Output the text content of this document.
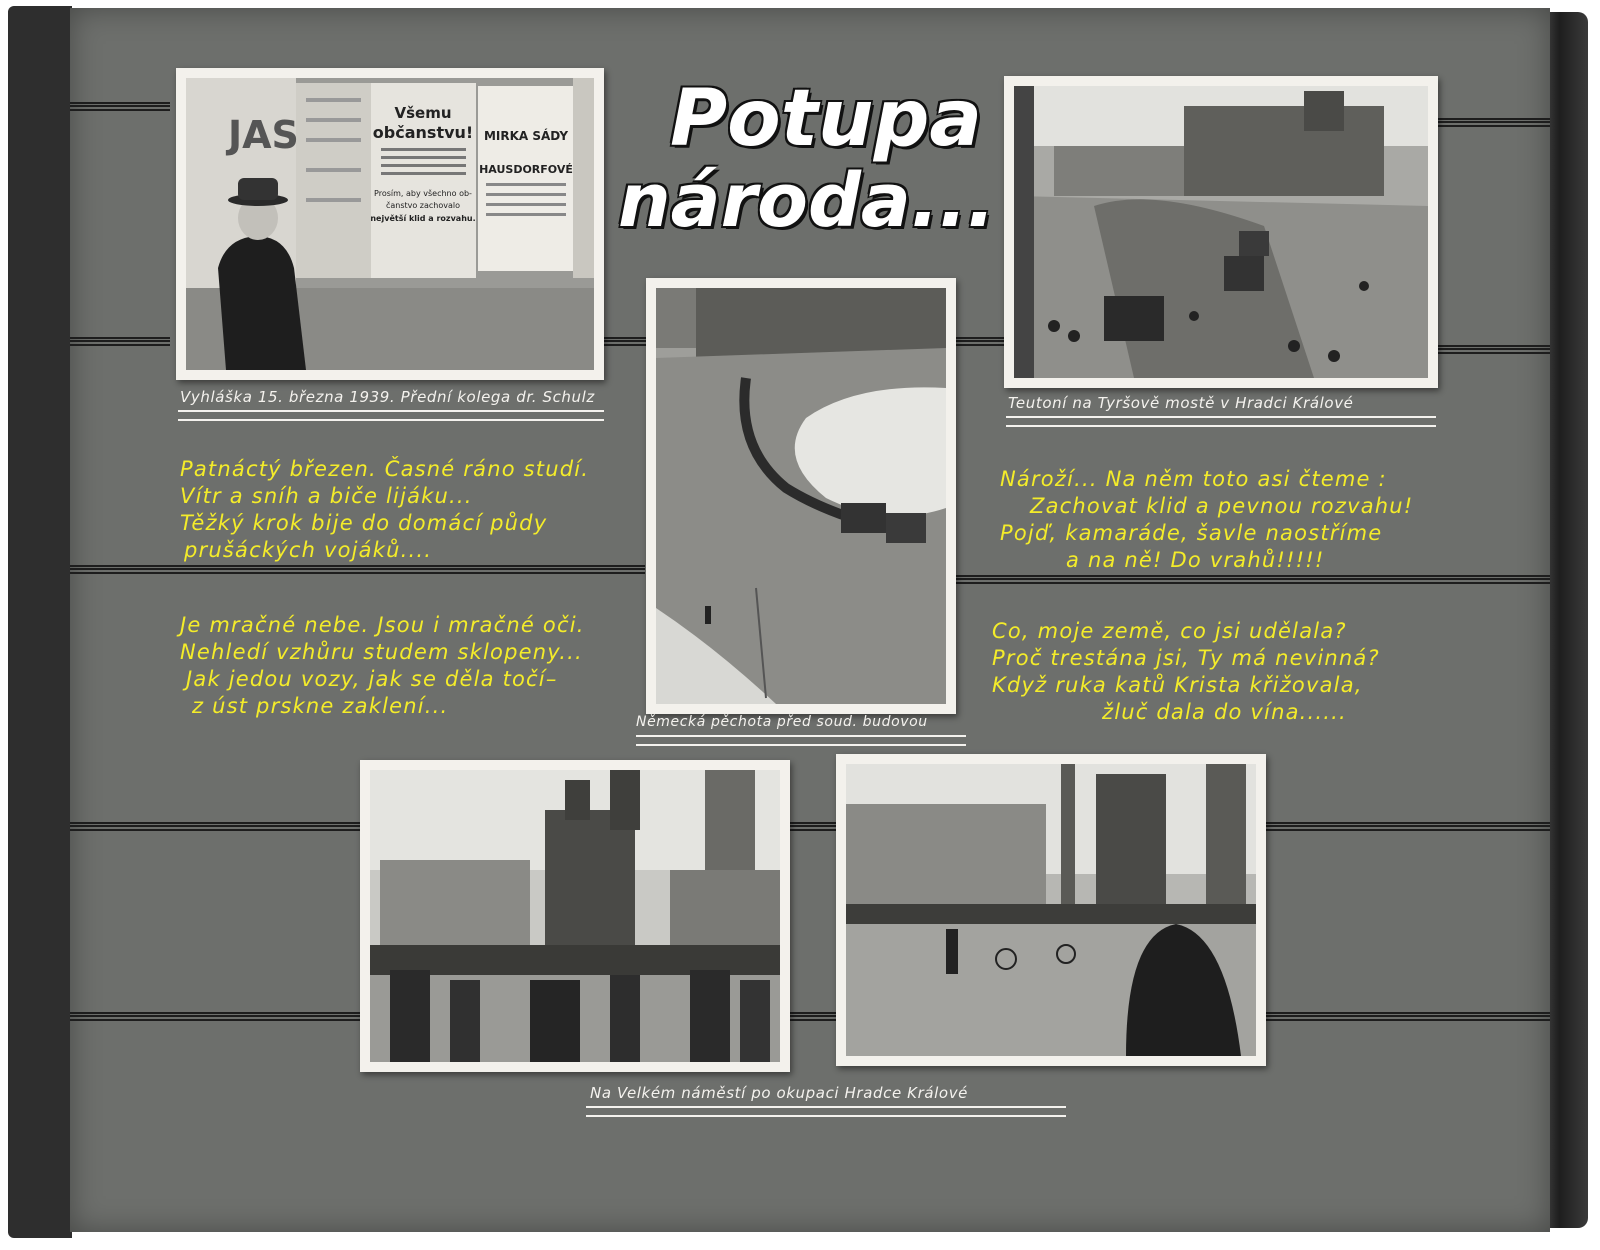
Potupa
národa...
Všemu
občanstvu!
Prosím, aby všechno ob-
čanstvo zachovalo
největší klid a rozvahu.
MIRKA SÁDY
HAUSDORFOVÉ
JAS
Vyhláška 15. března 1939. Přední kolega dr. Schulz	Teutoní na Tyršově mostě v Hradci Králové
Německá pěchota před soud. budovou
Na Velkém náměstí po okupaci Hradce Králové
Patnáctý březen. Časné ráno studí.
Vítr a sníh a biče lijáku...
Těžký krok bije do domácí půdy
prušáckých vojáků....
Je mračné nebe. Jsou i mračné oči.
Nehledí vzhůru studem sklopeny...
Jak jedou vozy, jak se děla točí–
z úst prskne zaklení...
Nároží... Na něm toto asi čteme :
Zachovat klid a pevnou rozvahu!
Pojď, kamaráde, šavle naostříme
a na ně! Do vrahů!!!!!
Co, moje země, co jsi udělala?
Proč trestána jsi, Ty má nevinná?
Když ruka katů Krista křižovala,
žluč dala do vína......
